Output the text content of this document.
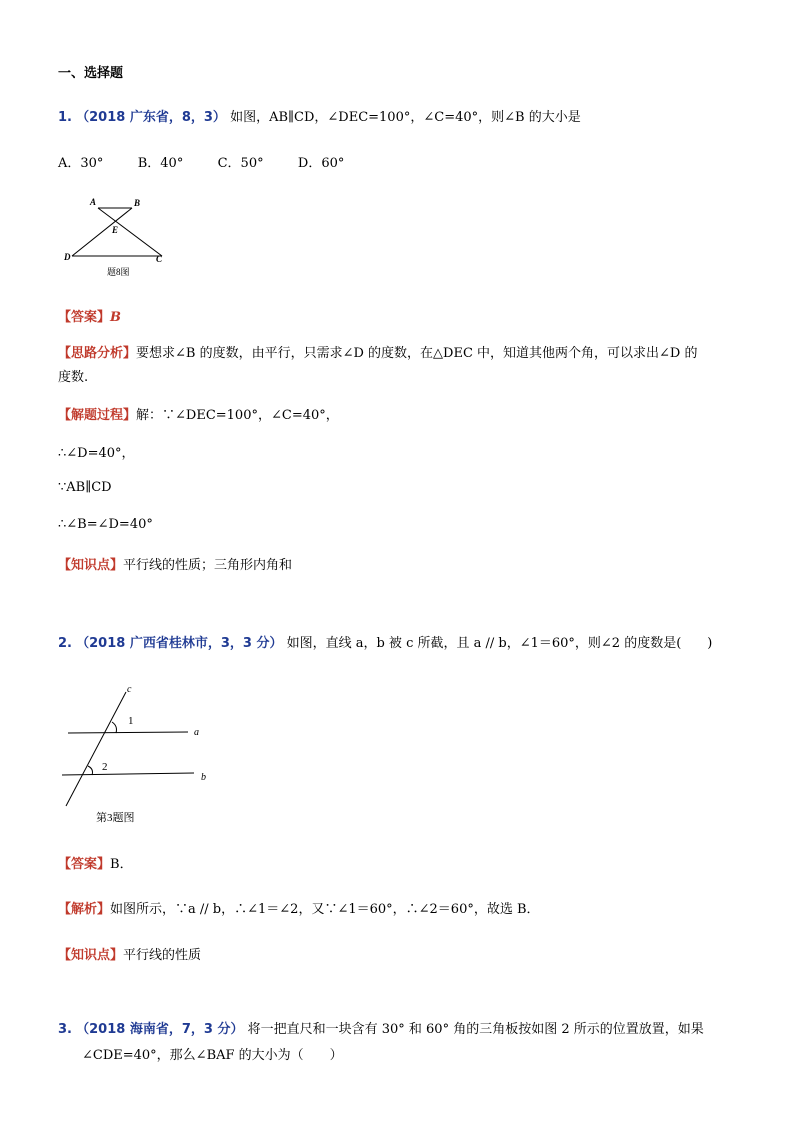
一、选择题
1. （2018 广东省，8，3） 如图，AB∥CD，∠DEC=100°，∠C=40°，则∠B 的大小是
A．30°	B．40°	C．50°	D．60°
A	B
E
D	C
题8图
【答案】B
【思路分析】要想求∠B 的度数，由平行，只需求∠D 的度数，在△DEC 中，知道其他两个角，可以求出∠D 的
度数.
【解题过程】解：∵∠DEC=100°，∠C=40°，
∴∠D=40°，
∵AB∥CD
∴∠B=∠D=40°
【知识点】平行线的性质；三角形内角和
2. （2018 广西省桂林市，3，3 分） 如图，直线 a，b 被 c 所截，且 a // b，∠1＝60°，则∠2 的度数是(　　)
c
1
a
2
b
第3题图
【答案】B．
【解析】如图所示，∵a // b，∴∠1＝∠2，又∵∠1＝60°，∴∠2＝60°，故选 B．
【知识点】平行线的性质
3. （2018 海南省，7，3 分） 将一把直尺和一块含有 30° 和 60° 角的三角板按如图 2 所示的位置放置，如果
∠CDE=40°，那么∠BAF 的大小为（　　）
